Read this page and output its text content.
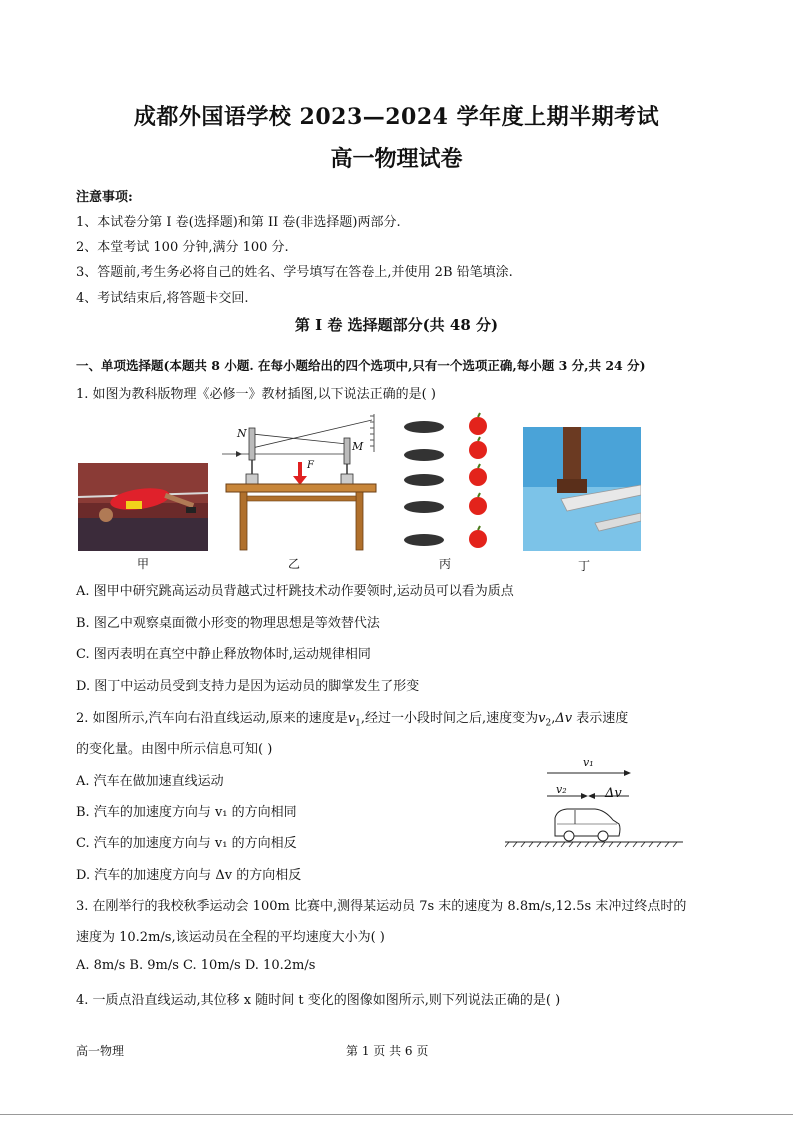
成都外国语学校 2023—2024 学年度上期半期考试
高一物理试卷
注意事项:
1、本试卷分第 I 卷(选择题)和第 II 卷(非选择题)两部分.
2、本堂考试 100 分钟,满分 100 分.
3、答题前,考生务必将自己的姓名、学号填写在答卷上,并使用 2B 铅笔填涂.
4、考试结束后,将答题卡交回.
第 I 卷 选择题部分(共 48 分)
一、单项选择题(本题共 8 小题. 在每小题给出的四个选项中,只有一个选项正确,每小题 3 分,共 24 分)
1. 如图为教科版物理《必修一》教材插图,以下说法正确的是( )
甲
N
M
F
乙	丙	丁
A. 图甲中研究跳高运动员背越式过杆跳技术动作要领时,运动员可以看为质点
B. 图乙中观察桌面微小形变的物理思想是等效替代法
C. 图丙表明在真空中静止释放物体时,运动规律相同
D. 图丁中运动员受到支持力是因为运动员的脚掌发生了形变
2. 如图所示,汽车向右沿直线运动,原来的速度是$v_1$,经过一小段时间之后,速度变为$v_2,\Delta v$ 表示速度
的变化量。由图中所示信息可知( )
A. 汽车在做加速直线运动
B. 汽车的加速度方向与 v₁ 的方向相同
C. 汽车的加速度方向与 v₁ 的方向相反
D. 汽车的加速度方向与 Δv 的方向相反
v₁
v₂	Δv
3. 在刚举行的我校秋季运动会 100m 比赛中,测得某运动员 7s 末的速度为 8.8m/s,12.5s 末冲过终点时的
速度为 10.2m/s,该运动员在全程的平均速度大小为( )
A. 8m/s B. 9m/s C. 10m/s D. 10.2m/s
4. 一质点沿直线运动,其位移 x 随时间 t 变化的图像如图所示,则下列说法正确的是( )
高一物理	第 1 页 共 6 页
